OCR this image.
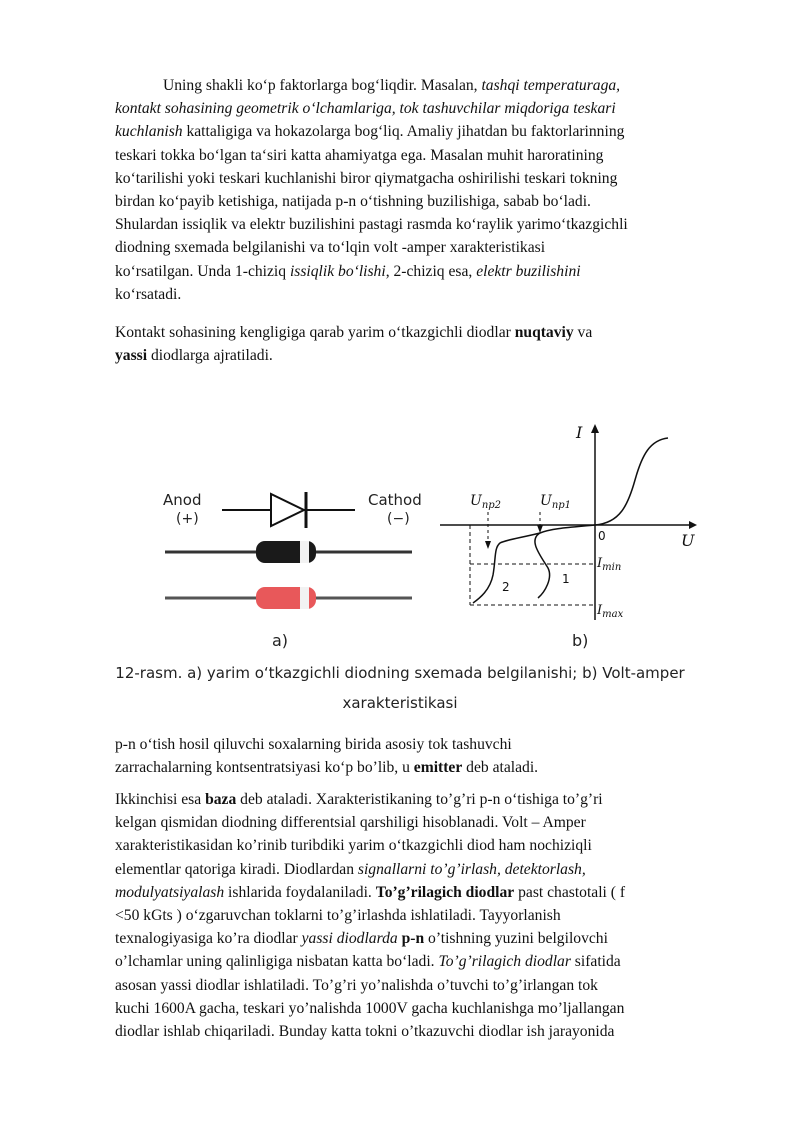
Uning shakli ko‘p faktorlarga bog‘liqdir. Masalan, tashqi temperaturaga,
kontakt sohasining geometrik o‘lchamlariga, tok tashuvchilar miqdoriga teskari
kuchlanish kattaligiga va hokazolarga bog‘liq. Amaliy jihatdan bu faktorlarinning
teskari tokka bo‘lgan ta‘siri katta ahamiyatga ega. Masalan muhit haroratining
ko‘tarilishi yoki teskari kuchlanishi biror qiymatgacha oshirilishi teskari tokning
birdan ko‘payib ketishiga, natijada p-n o‘tishning buzilishiga, sabab bo‘ladi.
Shulardan issiqlik va elektr buzilishini pastagi rasmda ko‘raylik yarimo‘tkazgichli
diodning sxemada belgilanishi va to‘lqin volt -amper xarakteristikasi
ko‘rsatilgan. Unda 1-chiziq issiqlik bo‘lishi, 2-chiziq esa, elektr buzilishini
ko‘rsatadi.
Kontakt sohasining kengligiga qarab yarim o‘tkazgichli diodlar nuqtaviy va
yassi diodlarga ajratiladi.
Anod
(+)
Cathod
(−)
a)
I
U
0
$U_{np2}$	$U_{np1}$
$I_{min}$
$I_{max}$
1
2
b)
12-rasm. a) yarim o‘tkazgichli diodning sxemada belgilanishi; b) Volt-amper
xarakteristikasi
p-n o‘tish hosil qiluvchi soxalarning birida asosiy tok tashuvchi
zarrachalarning kontsentratsiyasi ko‘p bo’lib, u emitter deb ataladi.
Ikkinchisi esa baza deb ataladi. Xarakteristikaning to’g’ri p-n o‘tishiga to’g’ri
kelgan qismidan diodning differentsial qarshiligi hisoblanadi. Volt – Amper
xarakteristikasidan ko’rinib turibdiki yarim o‘tkazgichli diod ham nochiziqli
elementlar qatoriga kiradi. Diodlardan signallarni to’g’irlash, detektorlash,
modulyatsiyalash ishlarida foydalaniladi. To’g’rilagich diodlar past chastotali ( f
<50 kGts ) o‘zgaruvchan toklarni to’g’irlashda ishlatiladi. Tayyorlanish
texnalogiyasiga ko’ra diodlar yassi diodlarda p-n o’tishning yuzini belgilovchi
o’lchamlar uning qalinligiga nisbatan katta bo‘ladi. To’g’rilagich diodlar sifatida
asosan yassi diodlar ishlatiladi. To’g’ri yo’nalishda o’tuvchi to’g’irlangan tok
kuchi 1600A gacha, teskari yo’nalishda 1000V gacha kuchlanishga mo’ljallangan
diodlar ishlab chiqariladi. Bunday katta tokni o’tkazuvchi diodlar ish jarayonida
